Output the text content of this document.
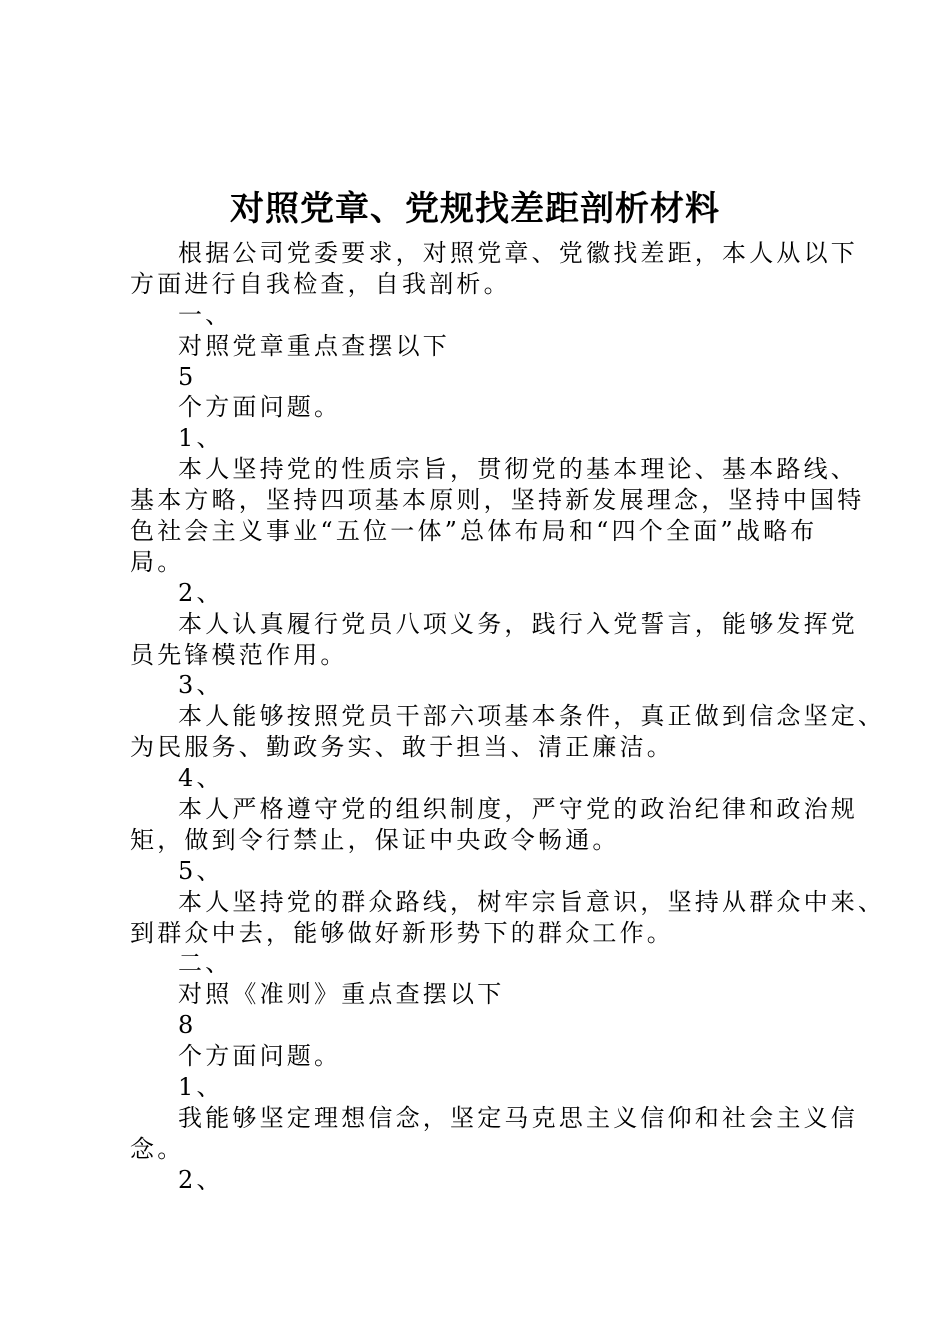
对照党章、党规找差距剖析材料

根据公司党委要求，对照党章、党徽找差距，本人从以下

方面进行自我检查，自我剖析。

一、

对照党章重点查摆以下

5

个方面问题。

1、

本人坚持党的性质宗旨，贯彻党的基本理论、基本路线、

基本方略，坚持四项基本原则，坚持新发展理念，坚持中国特

色社会主义事业“五位一体”总体布局和“四个全面”战略布

局。

2、

本人认真履行党员八项义务，践行入党誓言，能够发挥党

员先锋模范作用。

3、

本人能够按照党员干部六项基本条件，真正做到信念坚定、

为民服务、勤政务实、敢于担当、清正廉洁。

4、

本人严格遵守党的组织制度，严守党的政治纪律和政治规

矩，做到令行禁止，保证中央政令畅通。

5、

本人坚持党的群众路线，树牢宗旨意识，坚持从群众中来、

到群众中去，能够做好新形势下的群众工作。

二、

对照《准则》重点查摆以下

8

个方面问题。

1、

我能够坚定理想信念，坚定马克思主义信仰和社会主义信

念。

2、
